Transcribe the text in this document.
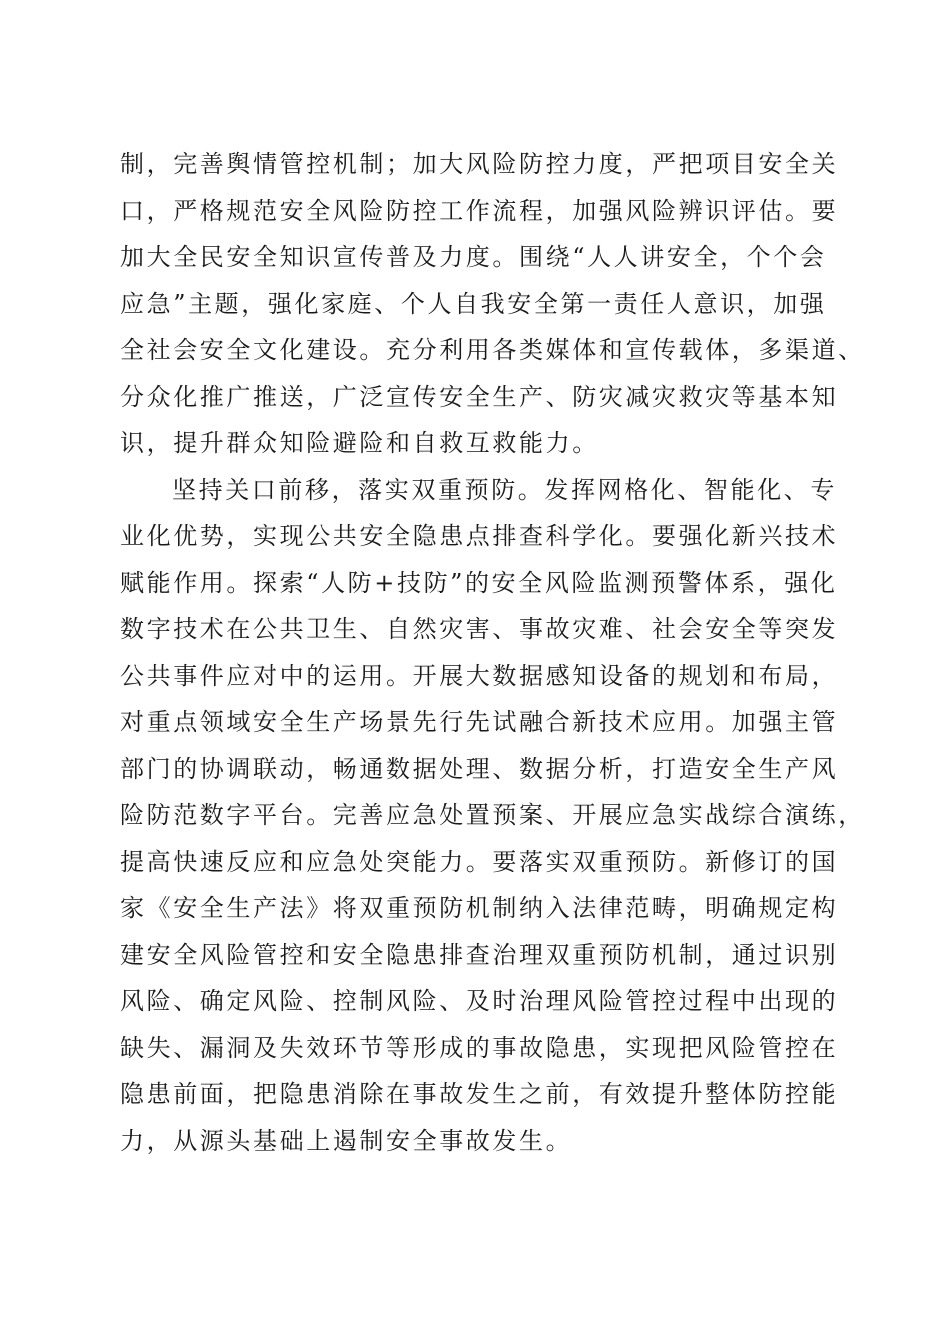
制，完善舆情管控机制；加大风险防控力度，严把项目安全关
口，严格规范安全风险防控工作流程，加强风险辨识评估。要
加大全民安全知识宣传普及力度。围绕“人人讲安全，个个会
应急”主题，强化家庭、个人自我安全第一责任人意识，加强
全社会安全文化建设。充分利用各类媒体和宣传载体，多渠道、
分众化推广推送，广泛宣传安全生产、防灾减灾救灾等基本知
识，提升群众知险避险和自救互救能力。
坚持关口前移，落实双重预防。发挥网格化、智能化、专
业化优势，实现公共安全隐患点排查科学化。要强化新兴技术
赋能作用。探索“人防+技防”的安全风险监测预警体系，强化
数字技术在公共卫生、自然灾害、事故灾难、社会安全等突发
公共事件应对中的运用。开展大数据感知设备的规划和布局，
对重点领域安全生产场景先行先试融合新技术应用。加强主管
部门的协调联动，畅通数据处理、数据分析，打造安全生产风
险防范数字平台。完善应急处置预案、开展应急实战综合演练，
提高快速反应和应急处突能力。要落实双重预防。新修订的国
家《安全生产法》将双重预防机制纳入法律范畴，明确规定构
建安全风险管控和安全隐患排查治理双重预防机制，通过识别
风险、确定风险、控制风险、及时治理风险管控过程中出现的
缺失、漏洞及失效环节等形成的事故隐患，实现把风险管控在
隐患前面，把隐患消除在事故发生之前，有效提升整体防控能
力，从源头基础上遏制安全事故发生。
